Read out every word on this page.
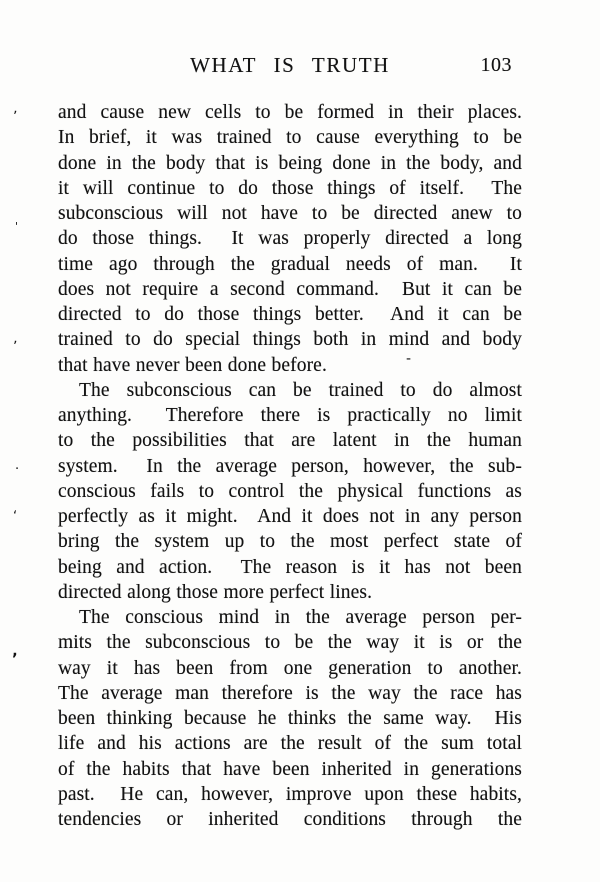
WHAT IS TRUTH	103
and cause new cells to be formed in their places.
In brief, it was trained to cause everything to be
done in the body that is being done in the body, and
it will continue to do those things of itself.  The
subconscious will not have to be directed anew to
do those things.  It was properly directed a long
time ago through the gradual needs of man.  It
does not require a second command.  But it can be
directed to do those things better.  And it can be
trained to do special things both in mind and body
that have never been done before.
The subconscious can be trained to do almost
anything.  Therefore there is practically no limit
to the possibilities that are latent in the human
system.  In the average person, however, the sub-
conscious fails to control the physical functions as
perfectly as it might.  And it does not in any person
bring the system up to the most perfect state of
being and action.  The reason is it has not been
directed along those more perfect lines.
The conscious mind in the average person per-
mits the subconscious to be the way it is or the
way it has been from one generation to another.
The average man therefore is the way the race has
been thinking because he thinks the same way.  His
life and his actions are the result of the sum total
of the habits that have been inherited in generations
past.  He can, however, improve upon these habits,
tendencies or inherited conditions through the
ʼ
'
ʼ
·
ʻ
ʼ
-
